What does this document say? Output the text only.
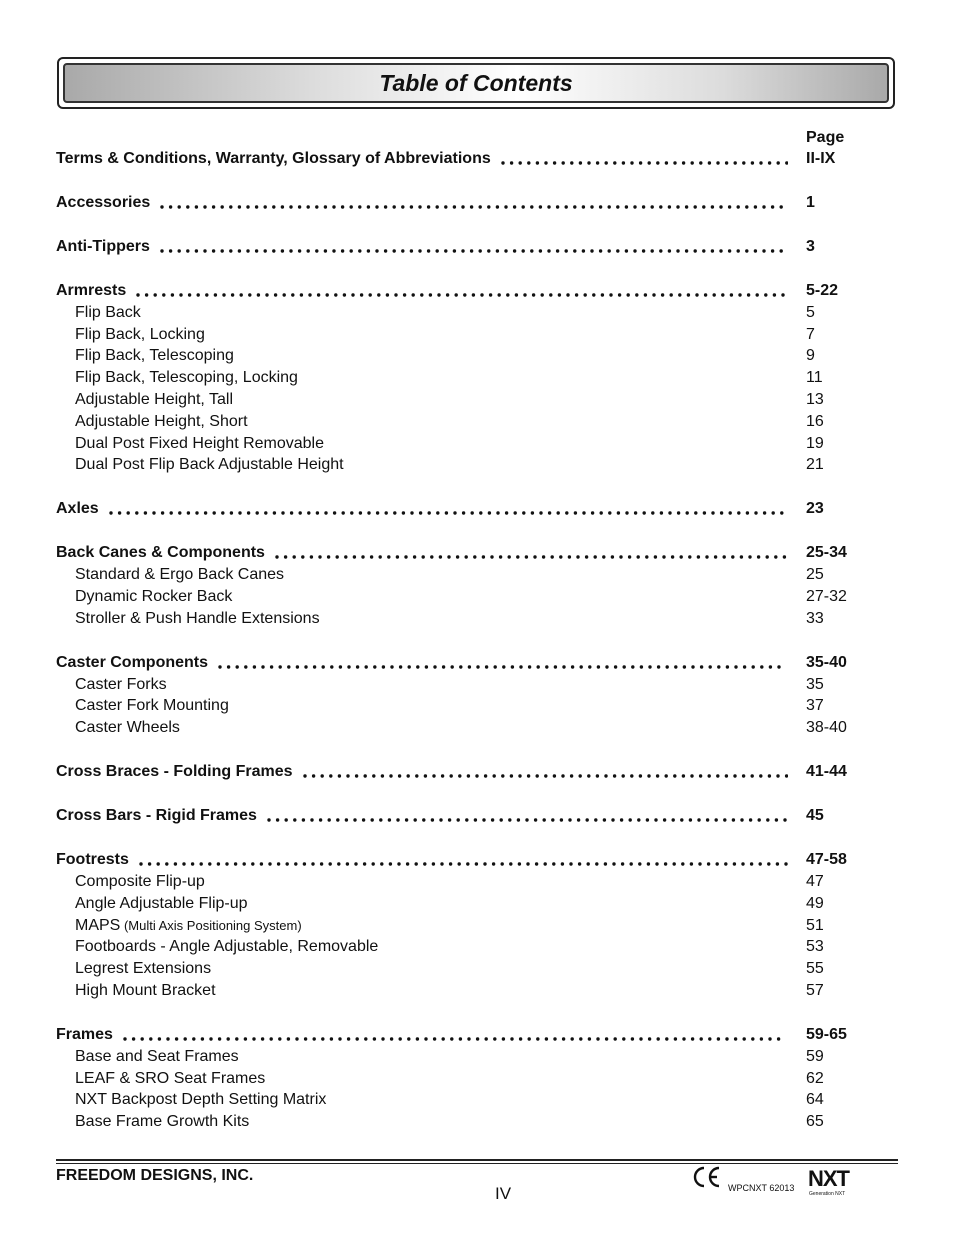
Table of Contents
Page
Terms & Conditions, Warranty, Glossary of Abbreviations	II-IX
Accessories	1
Anti-Tippers	3
Armrests	5-22
Flip Back	5
Flip Back, Locking	7
Flip Back, Telescoping	9
Flip Back, Telescoping, Locking	11
Adjustable Height, Tall	13
Adjustable Height, Short	16
Dual Post Fixed Height Removable	19
Dual Post Flip Back Adjustable Height	21
Axles	23
Back Canes & Components	25-34
Standard & Ergo Back Canes	25
Dynamic Rocker Back	27-32
Stroller & Push Handle Extensions	33
Caster Components	35-40
Caster Forks	35
Caster Fork Mounting	37
Caster Wheels	38-40
Cross Braces - Folding Frames	41-44
Cross Bars - Rigid Frames	45
Footrests	47-58
Composite Flip-up	47
Angle Adjustable Flip-up	49
MAPS (Multi Axis Positioning System)	51
Footboards - Angle Adjustable, Removable	53
Legrest Extensions	55
High Mount Bracket	57
Frames	59-65
Base and Seat Frames	59
LEAF & SRO Seat Frames	62
NXT Backpost Depth Setting Matrix	64
Base Frame Growth Kits	65
FREEDOM DESIGNS, INC.
IV	WPCNXT 62013 NXT
Generation NXT
